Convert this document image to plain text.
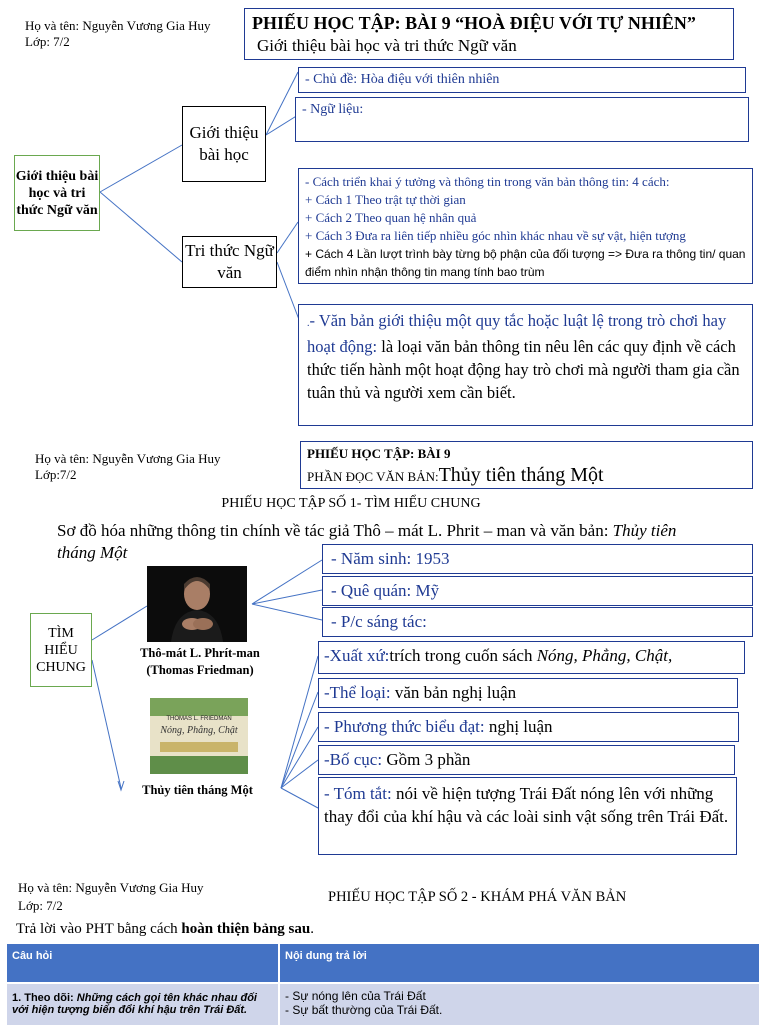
Họ và tên: Nguyễn Vương Gia Huy
Lớp: 7/2
PHIẾU HỌC TẬP: BÀI 9 “HOÀ ĐIỆU VỚI TỰ NHIÊN”
Giới thiệu bài học và tri thức Ngữ văn
Giới thiệu bài học và tri thức Ngữ văn
Giới thiệu bài học
Tri thức Ngữ văn
- Chủ đề: Hòa điệu với thiên nhiên
- Ngữ liệu:
- Cách triển khai ý tưởng và thông tin trong văn bản thông tin: 4 cách:
+ Cách 1 Theo trật tự thời gian
+ Cách 2 Theo quan hệ nhân quả
+ Cách 3 Đưa ra liên tiếp nhiều góc nhìn khác nhau về sự vật, hiện tượng
+ Cách 4 Lần lượt trình bày từng bộ phận của đối tượng => Đưa ra thông tin/ quan điểm nhìn nhận thông tin mang tính bao trùm
.- Văn bản giới thiệu một quy tắc hoặc luật lệ trong trò chơi hay hoạt động: là loại văn bản thông tin nêu lên các quy định về cách thức tiến hành một hoạt động hay trò chơi mà người tham gia cần tuân thủ và người xem cần biết.
Họ và tên: Nguyễn Vương Gia Huy
Lớp:7/2
PHIẾU HỌC TẬP: BÀI 9
PHẦN ĐỌC VĂN BẢN:Thủy tiên tháng Một
PHIẾU HỌC TẬP SỐ 1- TÌM HIỂU CHUNG
Sơ đồ hóa những thông tin chính về tác giả Thô – mát L. Phrit – man và văn bản: Thủy tiên tháng Một
TÌM HIỂU CHUNG
Thô-mát L. Phrít-man
(Thomas Friedman)
THOMAS L. FRIEDMAN
Nóng, Phẳng, Chật
Thủy tiên tháng Một
- Năm sinh: 1953
- Quê quán: Mỹ
- P/c sáng tác:
-Xuất xứ:trích trong cuốn sách Nóng, Phẳng, Chật,
-Thể loại: văn bản nghị luận
- Phương thức biểu đạt: nghị luận
-Bố cục: Gồm 3 phần
- Tóm tắt: nói về hiện tượng Trái Đất nóng lên với những thay đổi của khí hậu và các loài sinh vật sống trên Trái Đất.
Họ và tên: Nguyễn Vương Gia Huy
Lớp: 7/2
PHIẾU HỌC TẬP SỐ 2 - KHÁM PHÁ VĂN BẢN
Trả lời vào PHT bằng cách hoàn thiện bảng sau.
Câu hỏi	Nội dung trả lời
1. Theo dõi: Những cách gọi tên khác nhau đối với hiện tượng biến đổi khí hậu trên Trái Đất.	- Sự nóng lên của Trái Đất
- Sự bất thường của Trái Đất.
